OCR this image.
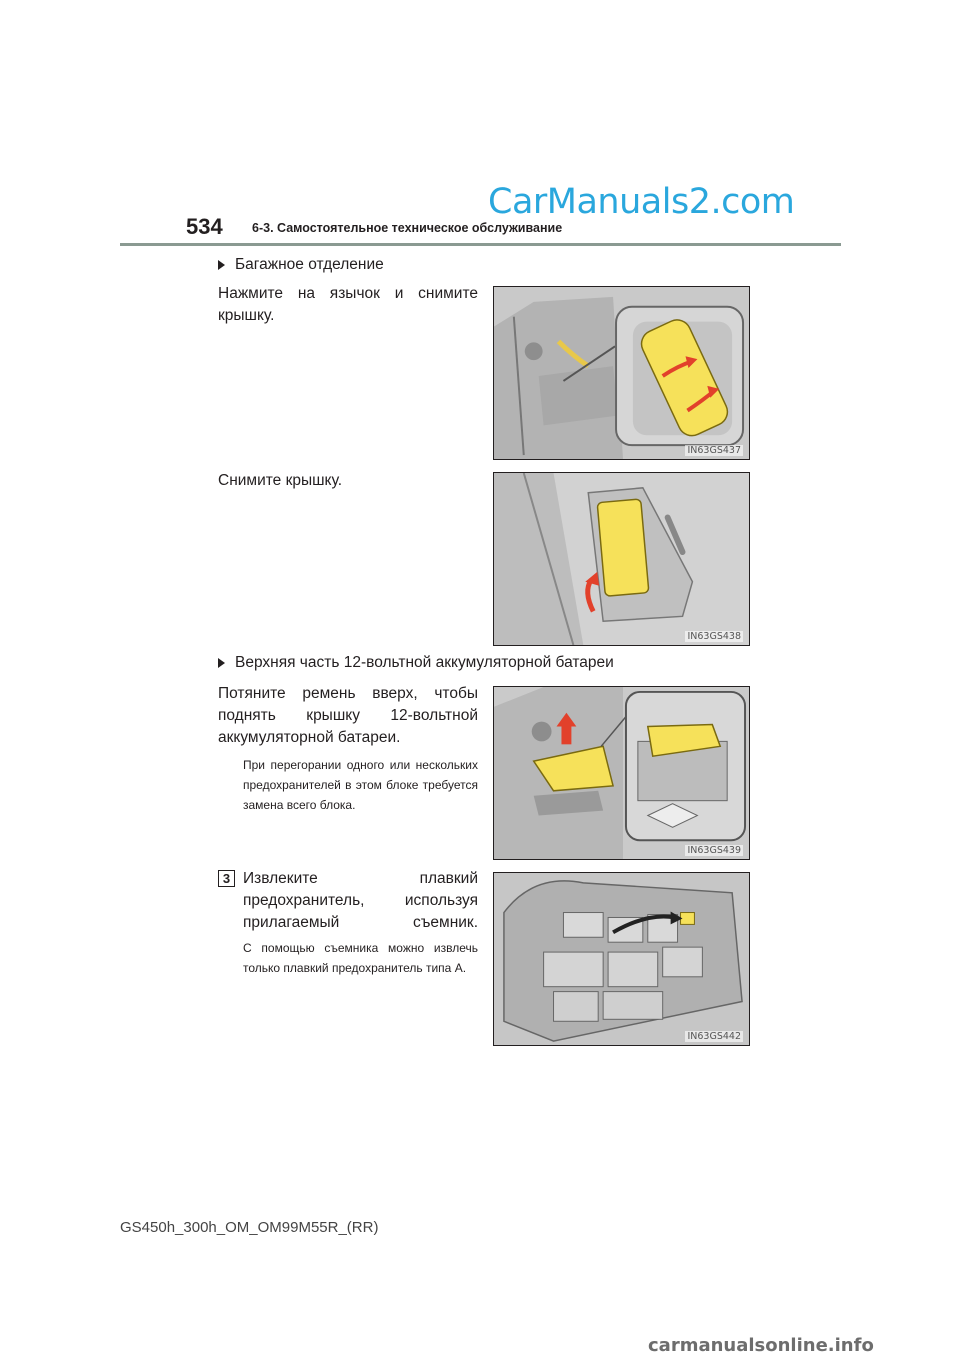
CarManuals2.com
534 6-3. Самостоятельное техническое обслуживание
Багажное отделение
Нажмите на язычок и снимите крышку.
IN63GS437
Снимите крышку.
IN63GS438
Верхняя часть 12-вольтной аккумуляторной батареи
Потяните ремень вверх, чтобы поднять крышку 12-вольтной аккумуляторной батареи.
При перегорании одного или нескольких предохранителей в этом блоке требуется замена всего блока.
IN63GS439
3 Извлеките плавкий предохранитель, используя прилагаемый съемник.
С помощью съемника можно извлечь только плавкий предохранитель типа A.
IN63GS442
GS450h_300h_OM_OM99M55R_(RR)
carmanualsonline.info
